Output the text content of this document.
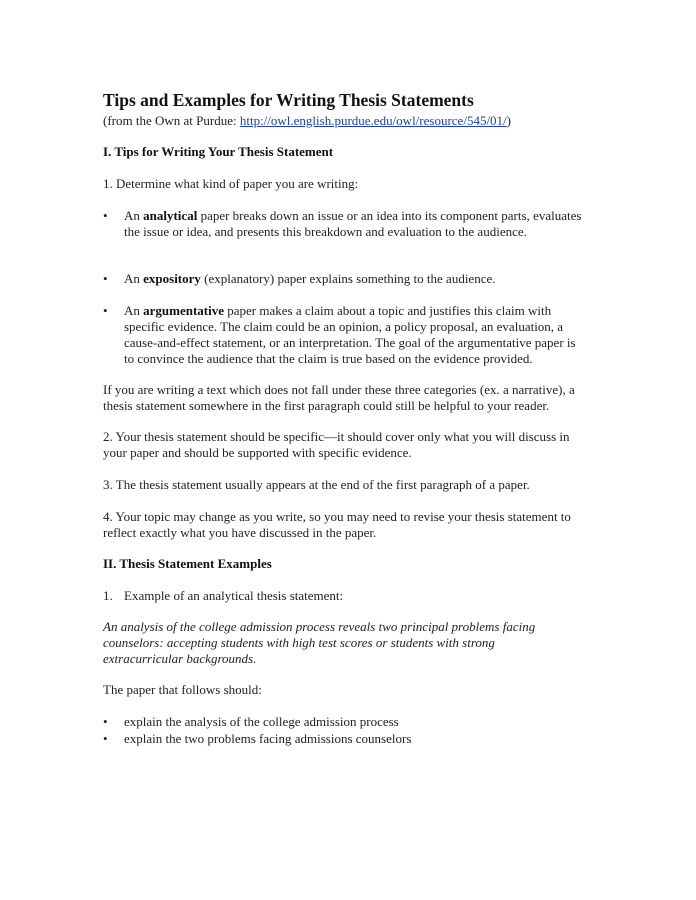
Tips and Examples for Writing Thesis Statements

(from the Own at Purdue: http://owl.english.purdue.edu/owl/resource/545/01/)

I. Tips for Writing Your Thesis Statement

1. Determine what kind of paper you are writing:

•	An analytical paper breaks down an issue or an idea into its component parts, evaluates the issue or idea, and presents this breakdown and evaluation to the audience.
•	An expository (explanatory) paper explains something to the audience.
•	An argumentative paper makes a claim about a topic and justifies this claim with specific evidence. The claim could be an opinion, a policy proposal, an evaluation, a cause-and-effect statement, or an interpretation. The goal of the argumentative paper is to convince the audience that the claim is true based on the evidence provided.

If you are writing a text which does not fall under these three categories (ex. a narrative), a thesis statement somewhere in the first paragraph could still be helpful to your reader.

2. Your thesis statement should be specific—it should cover only what you will discuss in your paper and should be supported with specific evidence.

3. The thesis statement usually appears at the end of the first paragraph of a paper.

4. Your topic may change as you write, so you may need to revise your thesis statement to reflect exactly what you have discussed in the paper.

II. Thesis Statement Examples
1. Example of an analytical thesis statement:

An analysis of the college admission process reveals two principal problems facing counselors: accepting students with high test scores or students with strong extracurricular backgrounds.

The paper that follows should:

•	explain the analysis of the college admission process
•	explain the two problems facing admissions counselors
